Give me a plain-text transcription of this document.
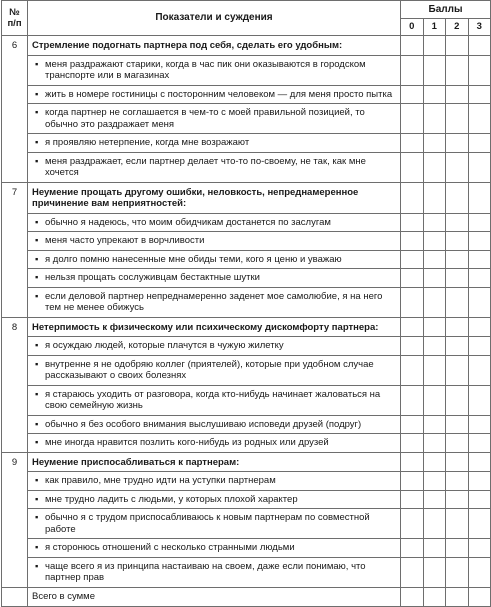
№
п/п	Показатели и суждения	Баллы			
		0	1	2	3
6	Стремление подогнать партнера под себя, сделать его удобным:				

	▪ меня раздражают старики, когда в час пик они оказываются в городском транспорте или в магазинах				

	▪ жить в номере гостиницы с посторонним человеком — для меня просто пытка				

	▪ когда партнер не соглашается в чем-то с моей правильной позицией, то обычно это раздражает меня				

	▪ я проявляю нетерпение, когда мне возражают				

	▪ меня раздражает, если партнер делает что-то по-своему, не так, как мне хочется				
7	Неумение прощать другому ошибки, неловкость, непреднамеренное причинение вам неприятностей:				

	▪ обычно я надеюсь, что моим обидчикам достанется по заслугам				

	▪ меня часто упрекают в ворчливости				

	▪ я долго помню нанесенные мне обиды теми, кого я ценю и уважаю				

	▪ нельзя прощать сослуживцам бестактные шутки				

	▪ если деловой партнер непреднамеренно заденет мое самолюбие, я на него тем не менее обижусь				
8	Нетерпимость к физическому или психическому дискомфорту партнера:				

	▪ я осуждаю людей, которые плачутся в чужую жилетку				

	▪ внутренне я не одобряю коллег (приятелей), которые при удобном случае рассказывают о своих болезнях				

	▪ я стараюсь уходить от разговора, когда кто-нибудь начинает жаловаться на свою семейную жизнь				

	▪ обычно я без особого внимания выслушиваю исповеди друзей (подруг)				

	▪ мне иногда нравится позлить кого-нибудь из родных или друзей				
9	Неумение приспосабливаться к партнерам:				

	▪ как правило, мне трудно идти на уступки партнерам				

	▪ мне трудно ладить с людьми, у которых плохой характер				

	▪ обычно я с трудом приспосабливаюсь к новым партнерам по совместной работе				

	▪ я сторонюсь отношений с несколько странными людьми				

	▪ чаще всего я из принципа настаиваю на своем, даже если понимаю, что партнер прав				
	Всего в сумме				
